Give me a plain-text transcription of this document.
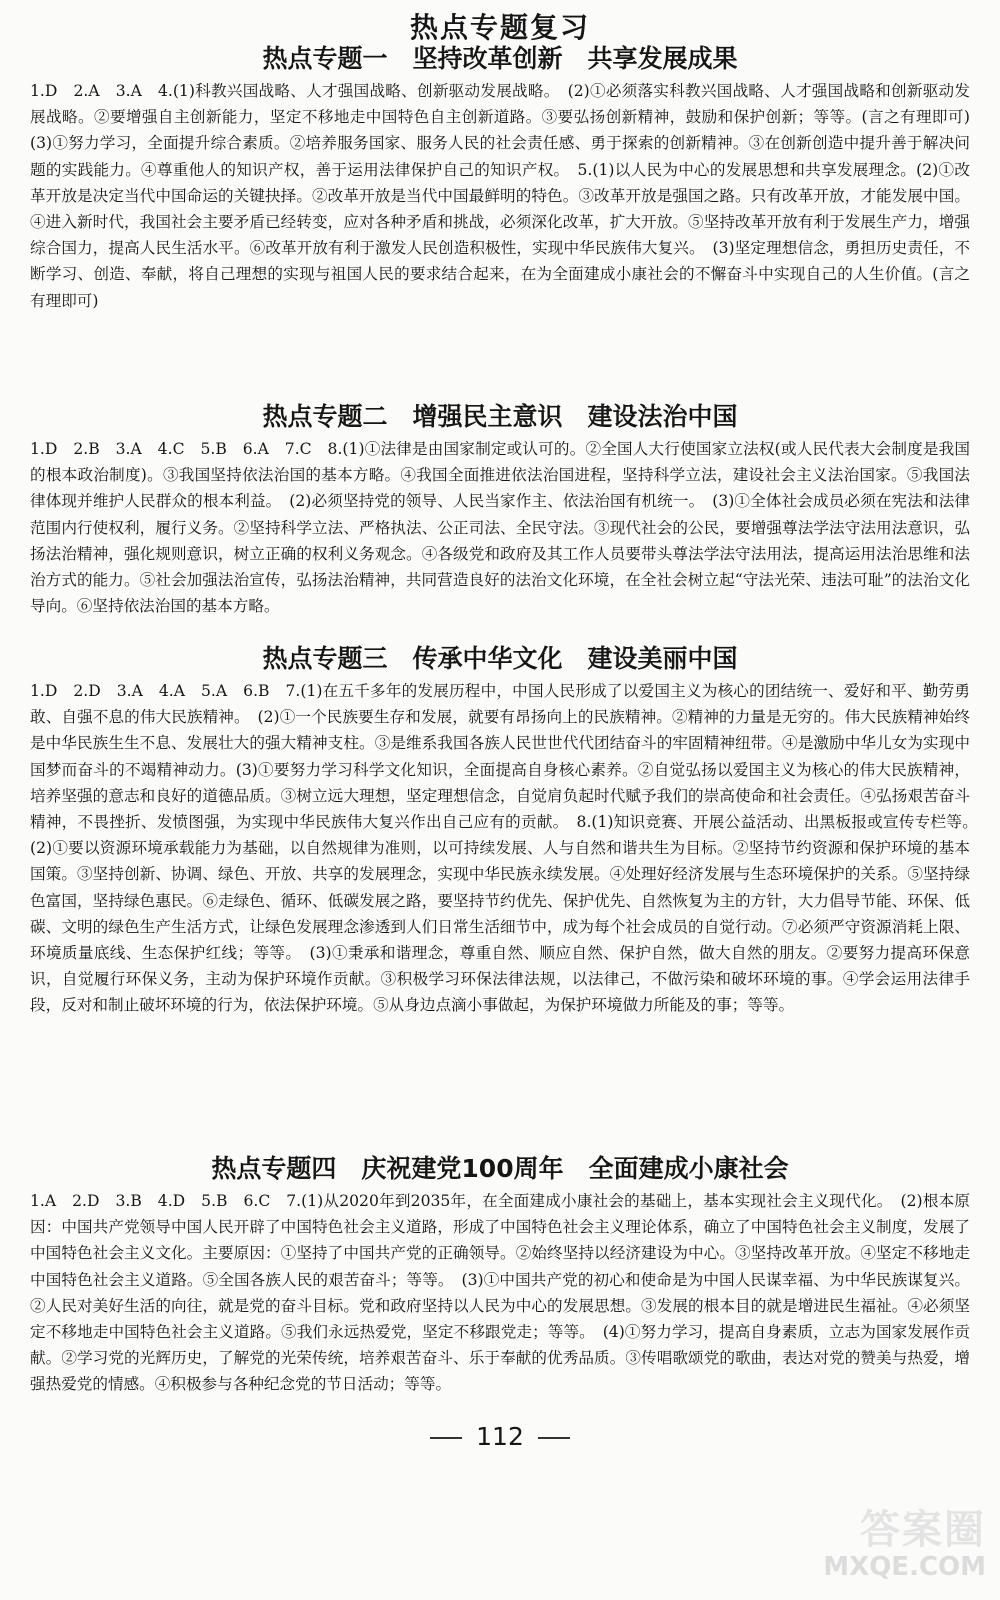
热点专题复习
热点专题一　坚持改革创新　共享发展成果

1.D　2.A　3.A　4.(1)科教兴国战略、人才强国战略、创新驱动发展战略。　(2)①必须落实科教兴国战略、人才强国战略和创新驱动发展战略。②要增强自主创新能力，坚定不移地走中国特色自主创新道路。③要弘扬创新精神，鼓励和保护创新；等等。(言之有理即可)(3)①努力学习，全面提升综合素质。②培养服务国家、服务人民的社会责任感、勇于探索的创新精神。③在创新创造中提升善于解决问题的实践能力。④尊重他人的知识产权，善于运用法律保护自己的知识产权。　5.(1)以人民为中心的发展思想和共享发展理念。(2)①改革开放是决定当代中国命运的关键抉择。②改革开放是当代中国最鲜明的特色。③改革开放是强国之路。只有改革开放，才能发展中国。④进入新时代，我国社会主要矛盾已经转变，应对各种矛盾和挑战，必须深化改革，扩大开放。⑤坚持改革开放有利于发展生产力，增强综合国力，提高人民生活水平。⑥改革开放有利于激发人民创造积极性，实现中华民族伟大复兴。　(3)坚定理想信念，勇担历史责任，不断学习、创造、奉献，将自己理想的实现与祖国人民的要求结合起来，在为全面建成小康社会的不懈奋斗中实现自己的人生价值。(言之有理即可)

热点专题二　增强民主意识　建设法治中国

1.D　2.B　3.A　4.C　5.B　6.A　7.C　8.(1)①法律是由国家制定或认可的。②全国人大行使国家立法权(或人民代表大会制度是我国的根本政治制度)。③我国坚持依法治国的基本方略。④我国全面推进依法治国进程，坚持科学立法，建设社会主义法治国家。⑤我国法律体现并维护人民群众的根本利益。　(2)必须坚持党的领导、人民当家作主、依法治国有机统一。　(3)①全体社会成员必须在宪法和法律范围内行使权利，履行义务。②坚持科学立法、严格执法、公正司法、全民守法。③现代社会的公民，要增强尊法学法守法用法意识，弘扬法治精神，强化规则意识，树立正确的权利义务观念。④各级党和政府及其工作人员要带头尊法学法守法用法，提高运用法治思维和法治方式的能力。⑤社会加强法治宣传，弘扬法治精神，共同营造良好的法治文化环境，在全社会树立起“守法光荣、违法可耻”的法治文化导向。⑥坚持依法治国的基本方略。

热点专题三　传承中华文化　建设美丽中国

1.D　2.D　3.A　4.A　5.A　6.B　7.(1)在五千多年的发展历程中，中国人民形成了以爱国主义为核心的团结统一、爱好和平、勤劳勇敢、自强不息的伟大民族精神。　(2)①一个民族要生存和发展，就要有昂扬向上的民族精神。②精神的力量是无穷的。伟大民族精神始终是中华民族生生不息、发展壮大的强大精神支柱。③是维系我国各族人民世世代代团结奋斗的牢固精神纽带。④是激励中华儿女为实现中国梦而奋斗的不竭精神动力。(3)①要努力学习科学文化知识，全面提高自身核心素养。②自觉弘扬以爱国主义为核心的伟大民族精神，培养坚强的意志和良好的道德品质。③树立远大理想，坚定理想信念，自觉肩负起时代赋予我们的崇高使命和社会责任。④弘扬艰苦奋斗精神，不畏挫折、发愤图强，为实现中华民族伟大复兴作出自己应有的贡献。　8.(1)知识竞赛、开展公益活动、出黑板报或宣传专栏等。　(2)①要以资源环境承载能力为基础，以自然规律为准则，以可持续发展、人与自然和谐共生为目标。②坚持节约资源和保护环境的基本国策。③坚持创新、协调、绿色、开放、共享的发展理念，实现中华民族永续发展。④处理好经济发展与生态环境保护的关系。⑤坚持绿色富国，坚持绿色惠民。⑥走绿色、循环、低碳发展之路，要坚持节约优先、保护优先、自然恢复为主的方针，大力倡导节能、环保、低碳、文明的绿色生产生活方式，让绿色发展理念渗透到人们日常生活细节中，成为每个社会成员的自觉行动。⑦必须严守资源消耗上限、环境质量底线、生态保护红线；等等。　(3)①秉承和谐理念，尊重自然、顺应自然、保护自然，做大自然的朋友。②要努力提高环保意识，自觉履行环保义务，主动为保护环境作贡献。③积极学习环保法律法规，以法律己，不做污染和破坏环境的事。④学会运用法律手段，反对和制止破坏环境的行为，依法保护环境。⑤从身边点滴小事做起，为保护环境做力所能及的事；等等。

热点专题四　庆祝建党100周年　全面建成小康社会

1.A　2.D　3.B　4.D　5.B　6.C　7.(1)从2020年到2035年，在全面建成小康社会的基础上，基本实现社会主义现代化。　(2)根本原因：中国共产党领导中国人民开辟了中国特色社会主义道路，形成了中国特色社会主义理论体系，确立了中国特色社会主义制度，发展了中国特色社会主义文化。主要原因：①坚持了中国共产党的正确领导。②始终坚持以经济建设为中心。③坚持改革开放。④坚定不移地走中国特色社会主义道路。⑤全国各族人民的艰苦奋斗；等等。　(3)①中国共产党的初心和使命是为中国人民谋幸福、为中华民族谋复兴。②人民对美好生活的向往，就是党的奋斗目标。党和政府坚持以人民为中心的发展思想。③发展的根本目的就是增进民生福祉。④必须坚定不移地走中国特色社会主义道路。⑤我们永远热爱党，坚定不移跟党走；等等。　(4)①努力学习，提高自身素质，立志为国家发展作贡献。②学习党的光辉历史，了解党的光荣传统，培养艰苦奋斗、乐于奉献的优秀品质。③传唱歌颂党的歌曲，表达对党的赞美与热爱，增强热爱党的情感。④积极参与各种纪念党的节日活动；等等。

112
答案圈
MXQE.COM
